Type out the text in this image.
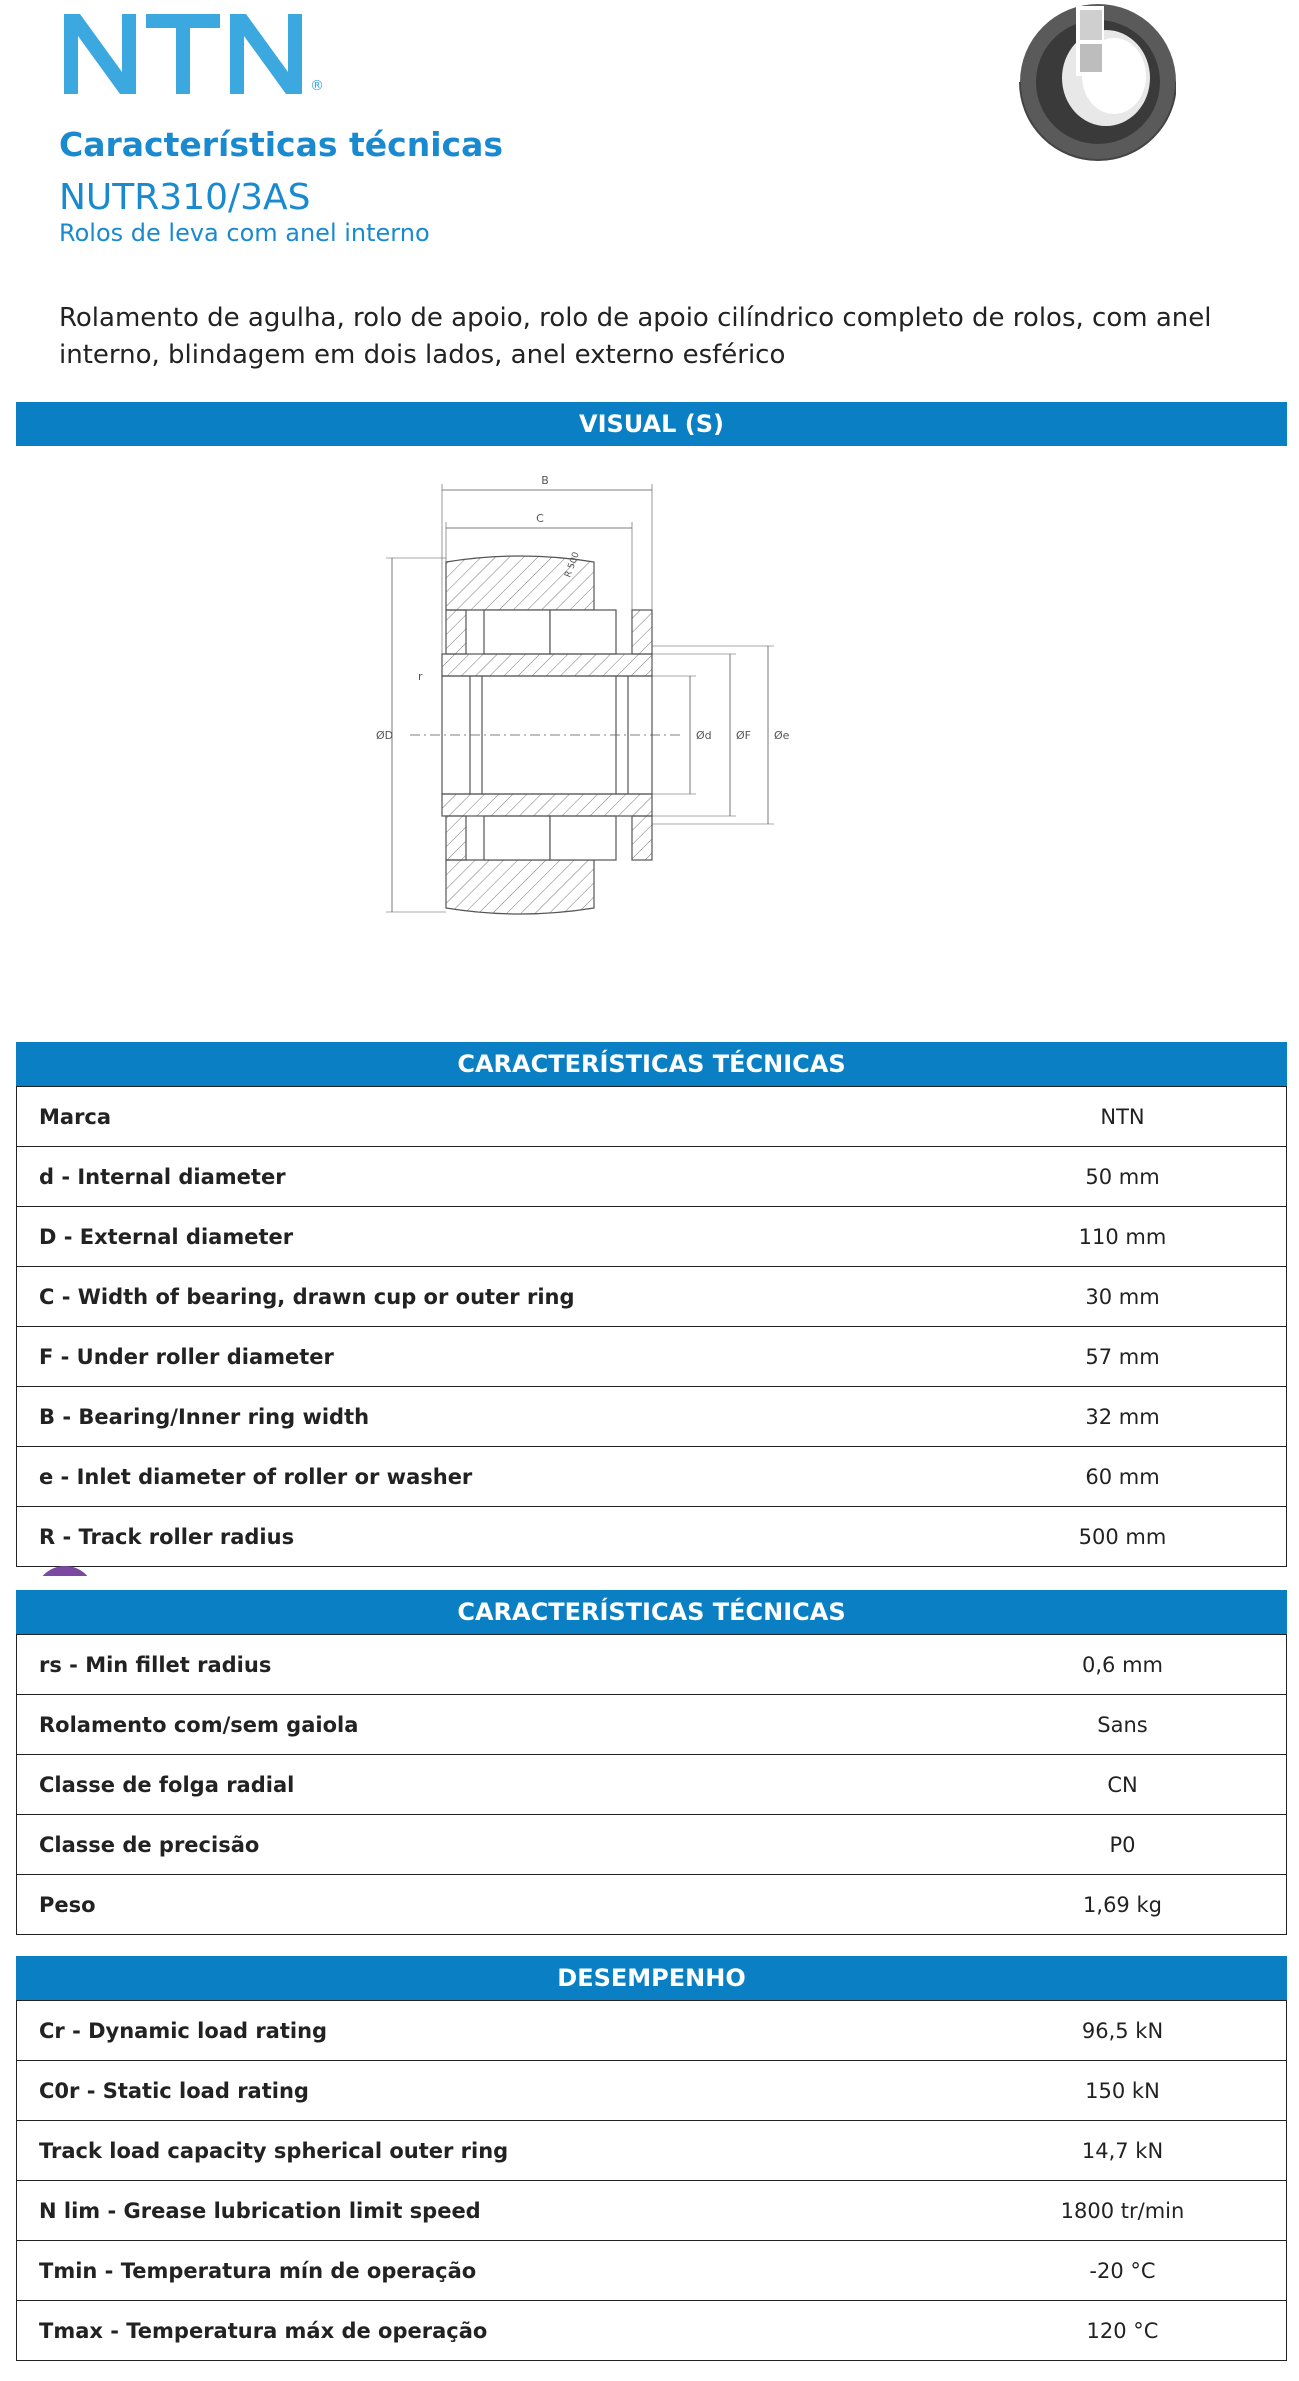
®
Características técnicas
NUTR310/3AS
Rolos de leva com anel interno
Rolamento de agulha, rolo de apoio, rolo de apoio cilíndrico completo de rolos, com anel interno, blindagem em dois lados, anel externo esférico
VISUAL (S)
B
C
r
R 500
ØD	Ød ØF Øe
CARACTERÍSTICAS TÉCNICAS
Marca	NTN
d - Internal diameter	50 mm
D - External diameter	110 mm
C - Width of bearing, drawn cup or outer ring	30 mm
F - Under roller diameter	57 mm
B - Bearing/Inner ring width	32 mm
e - Inlet diameter of roller or washer	60 mm
R - Track roller radius	500 mm
CARACTERÍSTICAS TÉCNICAS
rs - Min fillet radius	0,6 mm
Rolamento com/sem gaiola	Sans
Classe de folga radial	CN
Classe de precisão	P0
Peso	1,69 kg
DESEMPENHO
Cr - Dynamic load rating	96,5 kN
C0r - Static load rating	150 kN
Track load capacity spherical outer ring	14,7 kN
N lim - Grease lubrication limit speed	1800 tr/min
Tmin - Temperatura mín de operação	-20 °C
Tmax - Temperatura máx de operação	120 °C
